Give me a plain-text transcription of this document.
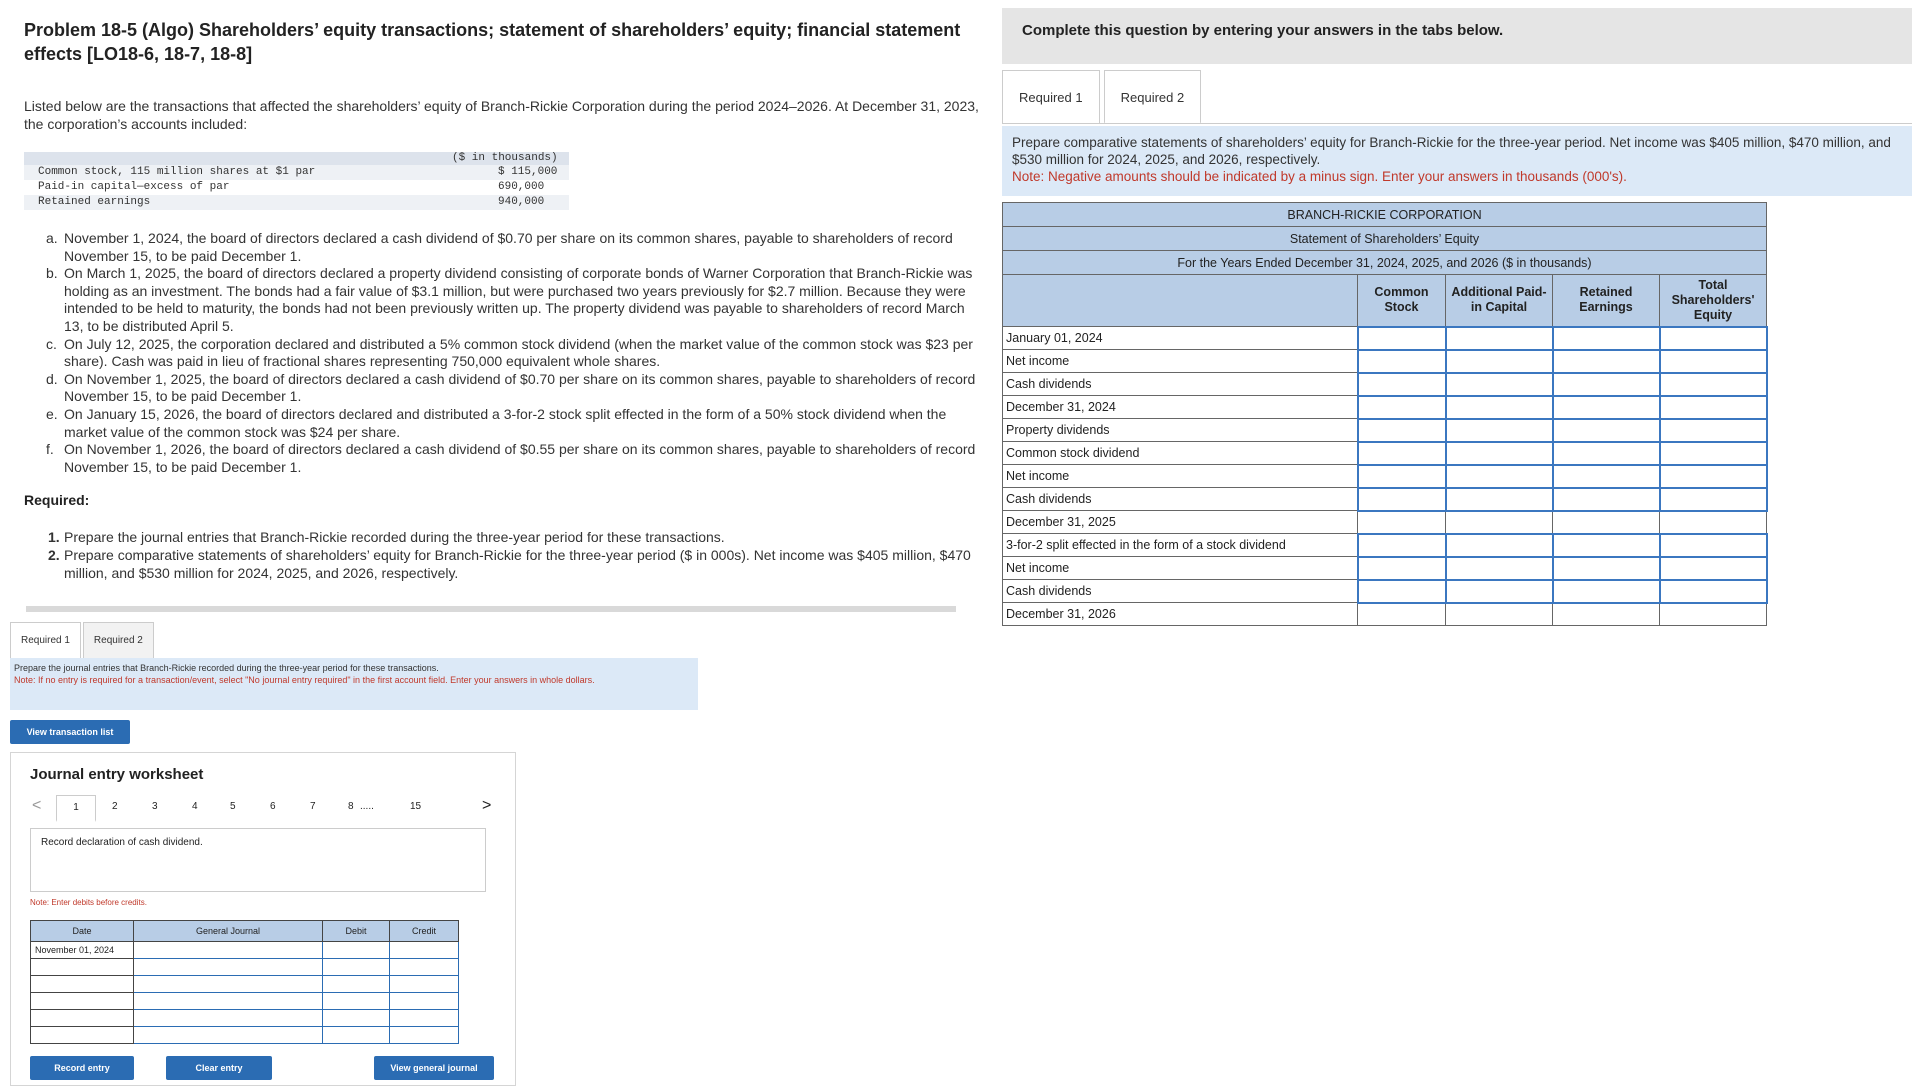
Problem 18-5 (Algo) Shareholders’ equity transactions; statement of shareholders’ equity; financial statement effects [LO18-6, 18-7, 18-8]
Listed below are the transactions that affected the shareholders’ equity of Branch-Rickie Corporation during the period 2024–2026. At December 31, 2023, the corporation’s accounts included:
($ in thousands)
Common stock, 115 million shares at $1 par	$ 115,000
Paid-in capital—excess of par	690,000
Retained earnings	940,000
a. November 1, 2024, the board of directors declared a cash dividend of $0.70 per share on its common shares, payable to shareholders of record November 15, to be paid December 1.
b. On March 1, 2025, the board of directors declared a property dividend consisting of corporate bonds of Warner Corporation that Branch-Rickie was holding as an investment. The bonds had a fair value of $3.1 million, but were purchased two years previously for $2.7 million. Because they were intended to be held to maturity, the bonds had not been previously written up. The property dividend was payable to shareholders of record March 13, to be distributed April 5.
c. On July 12, 2025, the corporation declared and distributed a 5% common stock dividend (when the market value of the common stock was $23 per share). Cash was paid in lieu of fractional shares representing 750,000 equivalent whole shares.
d. On November 1, 2025, the board of directors declared a cash dividend of $0.70 per share on its common shares, payable to shareholders of record November 15, to be paid December 1.
e. On January 15, 2026, the board of directors declared and distributed a 3-for-2 stock split effected in the form of a 50% stock dividend when the market value of the common stock was $24 per share.
f. On November 1, 2026, the board of directors declared a cash dividend of $0.55 per share on its common shares, payable to shareholders of record November 15, to be paid December 1.
Required:
1. Prepare the journal entries that Branch-Rickie recorded during the three-year period for these transactions.
2. Prepare comparative statements of shareholders’ equity for Branch-Rickie for the three-year period ($ in 000s). Net income was $405 million, $470 million, and $530 million for 2024, 2025, and 2026, respectively.
Required 1	Required 2
Prepare the journal entries that Branch-Rickie recorded during the three-year period for these transactions.
Note: If no entry is required for a transaction/event, select "No journal entry required" in the first account field. Enter your answers in whole dollars.
View transaction list
Journal entry worksheet
<	1	2	3	4	5	6	7	8 .....	15	>
Record declaration of cash dividend.
Note: Enter debits before credits.
Date	General Journal	Debit	Credit
November 01, 2024			

Record entry	Clear entry	View general journal
Complete this question by entering your answers in the tabs below.
Required 1	Required 2
Prepare comparative statements of shareholders’ equity for Branch-Rickie for the three-year period. Net income was $405 million, $470 million, and $530 million for 2024, 2025, and 2026, respectively.
Note: Negative amounts should be indicated by a minus sign. Enter your answers in thousands (000's).
BRANCH-RICKIE CORPORATION				
Statement of Shareholders’ Equity				
For the Years Ended December 31, 2024, 2025, and 2026 ($ in thousands)				
	Common Stock	Additional Paid-in Capital	Retained Earnings	Total Shareholders' Equity
January 01, 2024				
Net income				
Cash dividends				
December 31, 2024				
Property dividends				
Common stock dividend				
Net income				
Cash dividends				
December 31, 2025				
3-for-2 split effected in the form of a stock dividend				
Net income				
Cash dividends				
December 31, 2026				
